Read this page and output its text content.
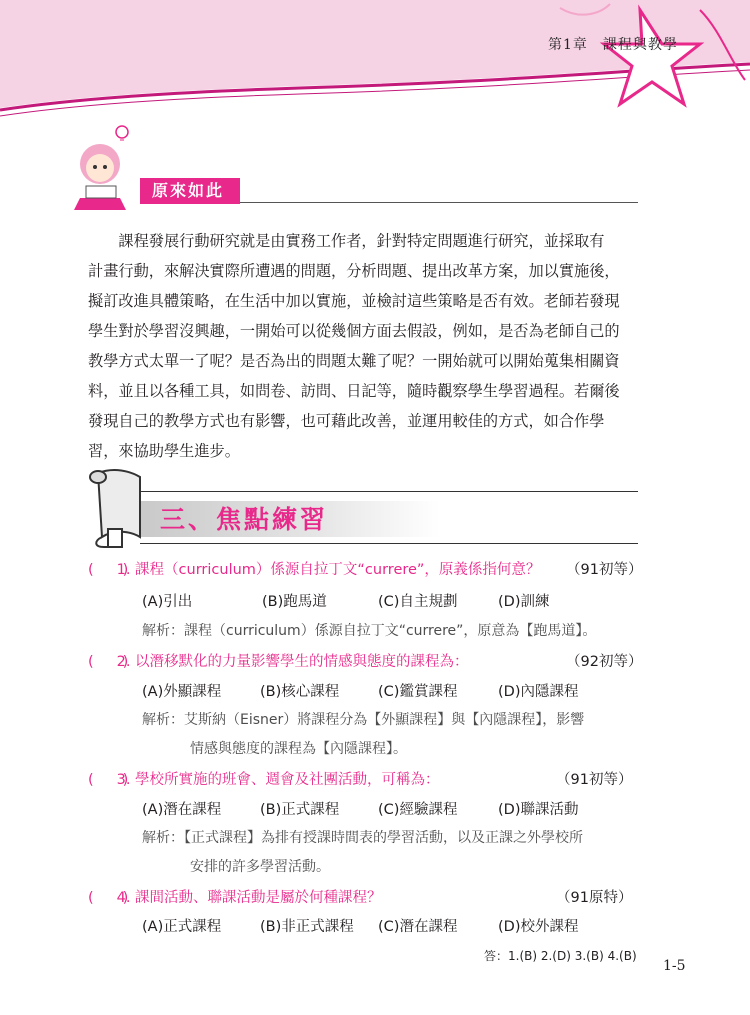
第1章　課程與教學
原來如此

　　課程發展行動研究就是由實務工作者，針對特定問題進行研究，並採取有
計畫行動，來解決實際所遭遇的問題，分析問題、提出改革方案，加以實施後，
擬訂改進具體策略，在生活中加以實施，並檢討這些策略是否有效。老師若發現
學生對於學習沒興趣，一開始可以從幾個方面去假設，例如，是否為老師自己的
教學方式太單一了呢？是否為出的問題太難了呢？一開始就可以開始蒐集相關資
料，並且以各種工具，如問卷、訪問、日記等，隨時觀察學生學習過程。若爾後
發現自己的教學方式也有影響，也可藉此改善，並運用較佳的方式，如合作學
習，來協助學生進步。

三、焦點練習
(　　) 1. 課程（curriculum）係源自拉丁文“currere”，原義係指何意？ （91初等）
(A)引出	(B)跑馬道	(C)自主規劃	(D)訓練
解析：課程（curriculum）係源自拉丁文“currere”，原意為【跑馬道】。
(　　) 2. 以潛移默化的力量影響學生的情感與態度的課程為：	（92初等）
(A)外顯課程	(B)核心課程	(C)鑑賞課程	(D)內隱課程
解析：艾斯納（Eisner）將課程分為【外顯課程】與【內隱課程】，影響
情感與態度的課程為【內隱課程】。
(　　) 3. 學校所實施的班會、週會及社團活動，可稱為：	（91初等）
(A)潛在課程	(B)正式課程	(C)經驗課程	(D)聯課活動
解析：【正式課程】為排有授課時間表的學習活動，以及正課之外學校所
安排的許多學習活動。
(　　) 4. 課間活動、聯課活動是屬於何種課程？	（91原特）
(A)正式課程	(B)非正式課程 (C)潛在課程	(D)校外課程
答：1.(B) 2.(D) 3.(B) 4.(B)
1-5
